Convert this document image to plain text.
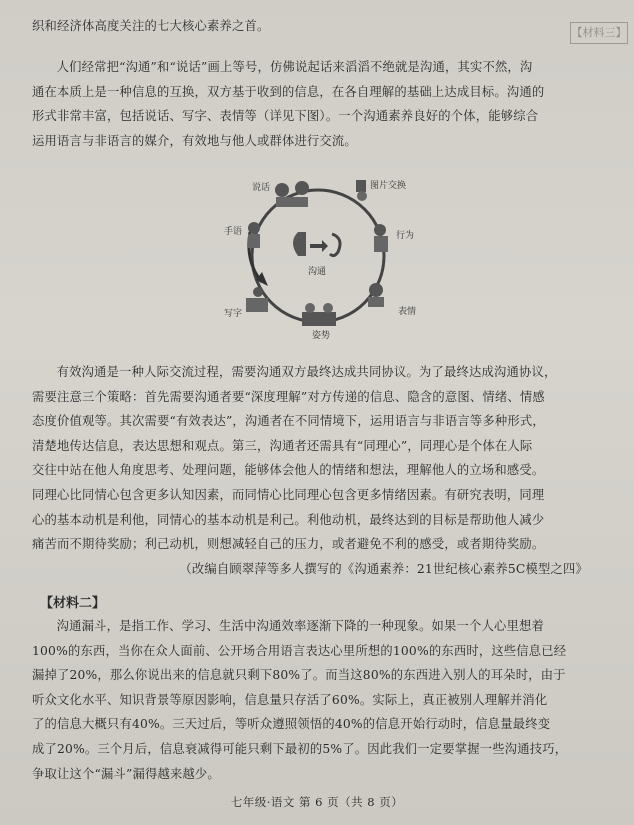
【材料三】

织和经济体高度关注的七大核心素养之首。

人们经常把“沟通”和“说话”画上等号，仿佛说起话来滔滔不绝就是沟通，其实不然，沟

通在本质上是一种信息的互换，双方基于收到的信息，在各自理解的基础上达成目标。沟通的

形式非常丰富，包括说话、写字、表情等（详见下图）。一个沟通素养良好的个体，能够综合

运用语言与非语言的媒介，有效地与他人或群体进行交流。

说话	图片交换
手语	行为
沟通
写字	表情
姿势

有效沟通是一种人际交流过程，需要沟通双方最终达成共同协议。为了最终达成沟通协议，

需要注意三个策略：首先需要沟通者要“深度理解”对方传递的信息、隐含的意图、情绪、情感

态度价值观等。其次需要“有效表达”，沟通者在不同情境下，运用语言与非语言等多种形式，

清楚地传达信息，表达思想和观点。第三，沟通者还需具有“同理心”，同理心是个体在人际

交往中站在他人角度思考、处理问题，能够体会他人的情绪和想法，理解他人的立场和感受。

同理心比同情心包含更多认知因素，而同情心比同理心包含更多情绪因素。有研究表明，同理

心的基本动机是利他，同情心的基本动机是利己。利他动机，最终达到的目标是帮助他人减少

痛苦而不期待奖励；利己动机，则想减轻自己的压力，或者避免不利的感受，或者期待奖励。

（改编自顾翠萍等多人撰写的《沟通素养：21世纪核心素养5C模型之四》

【材料二】

沟通漏斗，是指工作、学习、生活中沟通效率逐渐下降的一种现象。如果一个人心里想着

100%的东西，当你在众人面前、公开场合用语言表达心里所想的100%的东西时，这些信息已经

漏掉了20%，那么你说出来的信息就只剩下80%了。而当这80%的东西进入别人的耳朵时，由于

听众文化水平、知识背景等原因影响，信息量只存活了60%。实际上，真正被别人理解并消化

了的信息大概只有40%。三天过后，等听众遵照领悟的40%的信息开始行动时，信息量最终变

成了20%。三个月后，信息衰减得可能只剩下最初的5%了。因此我们一定要掌握一些沟通技巧，

争取让这个“漏斗”漏得越来越少。

七年级·语文 第 6 页（共 8 页）
